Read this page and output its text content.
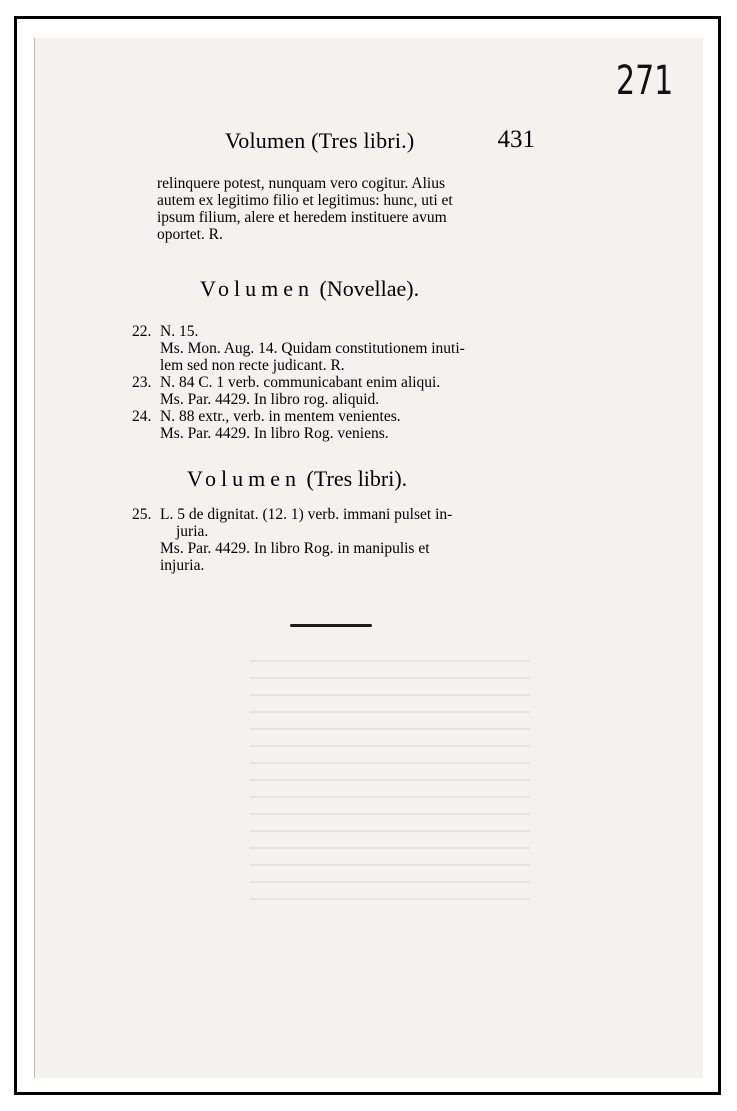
271
Volumen (Tres libri.)	431
relinquere potest, nunquam vero cogitur. Alius
autem ex legitimo filio et legitimus: hunc, uti et
ipsum filium, alere et heredem instituere avum
oportet. R.
Volumen (Novellae).
22. N. 15.
Ms. Mon. Aug. 14. Quidam constitutionem inuti-
lem sed non recte judicant. R.
23. N. 84 C. 1 verb. communicabant enim aliqui.
Ms. Par. 4429. In libro rog. aliquid.
24. N. 88 extr., verb. in mentem venientes.
Ms. Par. 4429. In libro Rog. veniens.
Volumen (Tres libri).
25. L. 5 de dignitat. (12. 1) verb. immani pulset in-
juria.
Ms. Par. 4429. In libro Rog. in manipulis et
injuria.
